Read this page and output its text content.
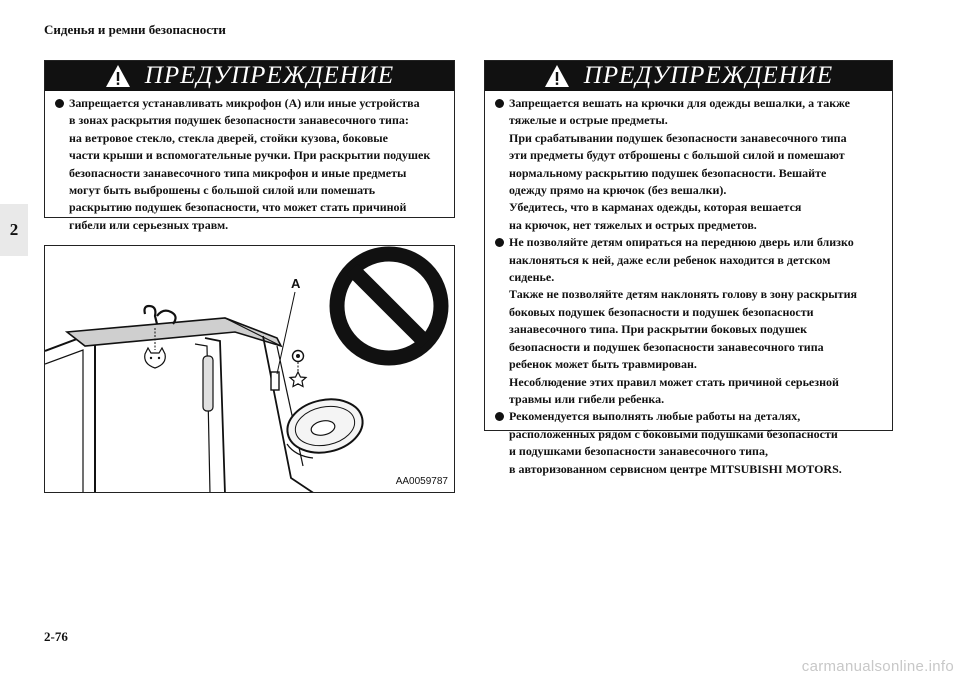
Сиденья и ремни безопасности
2
2-76
carmanualsonline.info
ПРЕДУПРЕЖДЕНИЕ
Запрещается устанавливать микрофон (A) или иные устройства
в зонах раскрытия подушек безопасности занавесочного типа:
на ветровое стекло, стекла дверей, стойки кузова, боковые
части крыши и вспомогательные ручки. При раскрытии подушек
безопасности занавесочного типа микрофон и иные предметы
могут быть выброшены с большой силой или помешать
раскрытию подушек безопасности, что может стать причиной
гибели или серьезных травм.
A
AA0059787
ПРЕДУПРЕЖДЕНИЕ
Запрещается вешать на крючки для одежды вешалки, а также
тяжелые и острые предметы.
При срабатывании подушек безопасности занавесочного типа
эти предметы будут отброшены с большой силой и помешают
нормальному раскрытию подушек безопасности. Вешайте
одежду прямо на крючок (без вешалки).
Убедитесь, что в карманах одежды, которая вешается
на крючок, нет тяжелых и острых предметов.
Не позволяйте детям опираться на переднюю дверь или близко
наклоняться к ней, даже если ребенок находится в детском
сиденье.
Также не позволяйте детям наклонять голову в зону раскрытия
боковых подушек безопасности и подушек безопасности
занавесочного типа. При раскрытии боковых подушек
безопасности и подушек безопасности занавесочного типа
ребенок может быть травмирован.
Несоблюдение этих правил может стать причиной серьезной
травмы или гибели ребенка.
Рекомендуется выполнять любые работы на деталях,
расположенных рядом с боковыми подушками безопасности
и подушками безопасности занавесочного типа,
в авторизованном сервисном центре MITSUBISHI MOTORS.
